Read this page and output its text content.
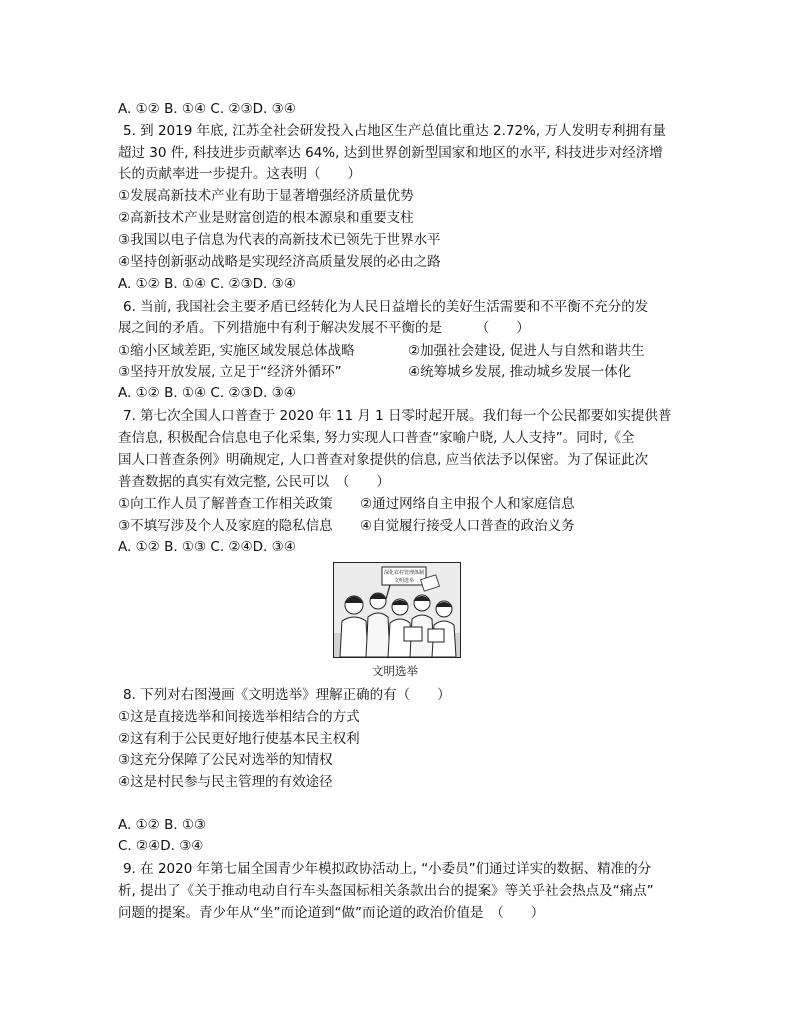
A. ①② B. ①④ C. ②③D. ③④
5. 到 2019 年底, 江苏全社会研发投入占地区生产总值比重达 2.72%, 万人发明专利拥有量
超过 30 件, 科技进步贡献率达 64%, 达到世界创新型国家和地区的水平, 科技进步对经济增
长的贡献率进一步提升。这表明（　　）
①发展高新技术产业有助于显著增强经济质量优势
②高新技术产业是财富创造的根本源泉和重要支柱
③我国以电子信息为代表的高新技术已领先于世界水平
④坚持创新驱动战略是实现经济高质量发展的必由之路
A. ①② B. ①④ C. ②③D. ③④
6. 当前, 我国社会主要矛盾已经转化为人民日益增长的美好生活需要和不平衡不充分的发
展之间的矛盾。下列措施中有利于解决发展不平衡的是　　　（　　）
①缩小区域差距, 实施区域发展总体战略	②加强社会建设, 促进人与自然和谐共生
③坚持开放发展, 立足于“经济外循环”	④统筹城乡发展, 推动城乡发展一体化
A. ①② B. ①④ C. ②③D. ③④
7. 第七次全国人口普查于 2020 年 11 月 1 日零时起开展。我们每一个公民都要如实提供普
查信息, 积极配合信息电子化采集, 努力实现人口普查“家喻户晓, 人人支持”。同时,《全
国人口普查条例》明确规定, 人口普查对象提供的信息, 应当依法予以保密。为了保证此次
普查数据的真实有效完整, 公民可以　（　　）
①向工作人员了解普查工作相关政策 ②通过网络自主申报个人和家庭信息
③不填写涉及个人及家庭的隐私信息 ④自觉履行接受人口普查的政治义务
A. ①② B. ①③ C. ②④D. ③④
深化农村管理体制
文明选举
文明选举
8. 下列对右图漫画《文明选举》理解正确的有（　　）
①这是直接选举和间接选举相结合的方式
②这有利于公民更好地行使基本民主权利
③这充分保障了公民对选举的知情权
④这是村民参与民主管理的有效途径
A. ①② B. ①③
C. ②④D. ③④
9. 在 2020 年第七届全国青少年模拟政协活动上, “小委员”们通过详实的数据、精准的分
析, 提出了《关于推动电动自行车头盔国标相关条款出台的提案》等关乎社会热点及“痛点”
问题的提案。青少年从“坐”而论道到“做”而论道的政治价值是　（　　）
